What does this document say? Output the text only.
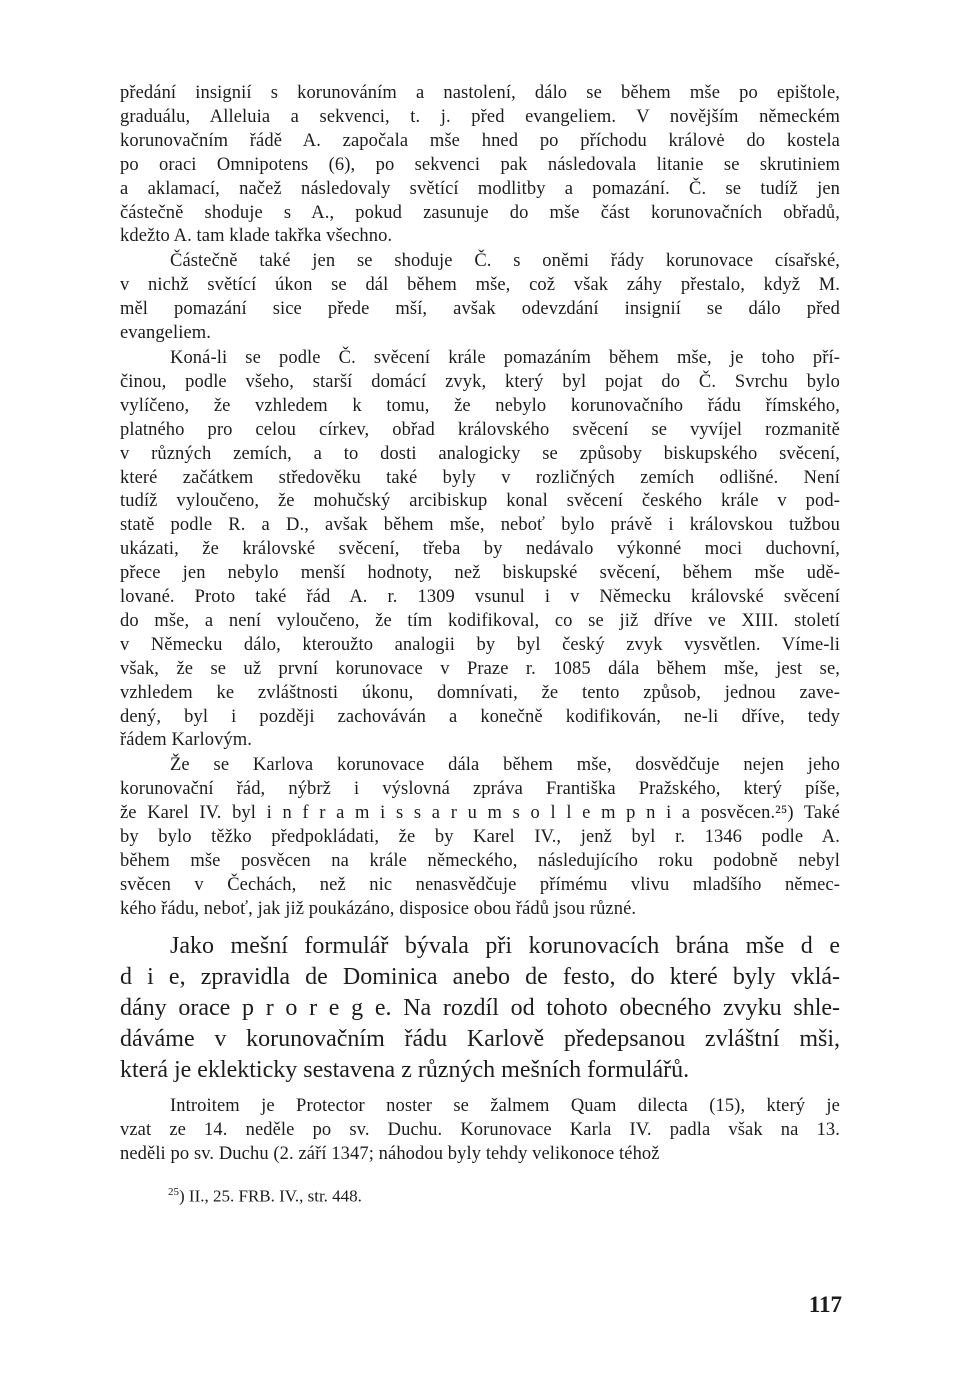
předání insignií s korunováním a nastolení, dálo se během mše po epištole,
graduálu, Alleluia a sekvenci, t. j. před evangeliem. V novějším německém
korunovačním řádě A. započala mše hned po příchodu královė do kostela
po oraci Omnipotens (6), po sekvenci pak následovala litanie se skrutiniem
a aklamací, načež následovaly světící modlitby a pomazání. Č. se tudíž jen
částečně shoduje s A., pokud zasunuje do mše část korunovačních obřadů,
kdežto A. tam klade takřka všechno.
Částečně také jen se shoduje Č. s oněmi řády korunovace císařské,
v nichž světící úkon se dál během mše, což však záhy přestalo, když M.
měl pomazání sice přede mší, avšak odevzdání insignií se dálo před
evangeliem.
Koná-li se podle Č. svěcení krále pomazáním během mše, je toho pří-
činou, podle všeho, starší domácí zvyk, který byl pojat do Č. Svrchu bylo
vylíčeno, že vzhledem k tomu, že nebylo korunovačního řádu římského,
platného pro celou církev, obřad královského svěcení se vyvíjel rozmanitě
v různých zemích, a to dosti analogicky se způsoby biskupského svěcení,
které začátkem středověku také byly v rozličných zemích odlišné. Není
tudíž vyloučeno, že mohučský arcibiskup konal svěcení českého krále v pod-
statě podle R. a D., avšak během mše, neboť bylo právě i královskou tužbou
ukázati, že královské svěcení, třeba by nedávalo výkonné moci duchovní,
přece jen nebylo menší hodnoty, než biskupské svěcení, během mše udě-
lované. Proto také řád A. r. 1309 vsunul i v Německu královské svěcení
do mše, a není vyloučeno, že tím kodifikoval, co se již dříve ve XIII. století
v Německu dálo, kteroužto analogii by byl český zvyk vysvětlen. Víme-li
však, že se už první korunovace v Praze r. 1085 dála během mše, jest se,
vzhledem ke zvláštnosti úkonu, domnívati, že tento způsob, jednou zave-
dený, byl i později zachováván a konečně kodifikován, ne-li dříve, tedy
řádem Karlovým.
Že se Karlova korunovace dála během mše, dosvědčuje nejen jeho
korunovační řád, nýbrž i výslovná zpráva Františka Pražského, který píše,
že Karel IV. byl i n f r a m i s s a r u m s o l l e m p n i a posvěcen.²⁵) Také
by bylo těžko předpokládati, že by Karel IV., jenž byl r. 1346 podle A.
během mše posvěcen na krále německého, následujícího roku podobně nebyl
svěcen v Čechách, než nic nenasvědčuje přímému vlivu mladšího němec-
kého řádu, neboť, jak již poukázáno, disposice obou řádů jsou různé.
Jako mešní formulář bývala při korunovacích brána mše d e
d i e, zpravidla de Dominica anebo de festo, do které byly vklá-
dány orace p r o r e g e. Na rozdíl od tohoto obecného zvyku shle-
dáváme v korunovačním řádu Karlově předepsanou zvláštní mši,
která je eklekticky sestavena z různých mešních formulářů.
Introitem je Protector noster se žalmem Quam dilecta (15), který je
vzat ze 14. neděle po sv. Duchu. Korunovace Karla IV. padla však na 13.
neděli po sv. Duchu (2. září 1347; náhodou byly tehdy velikonoce téhož
$^{25}$) II., 25. FRB. IV., str. 448.
117
